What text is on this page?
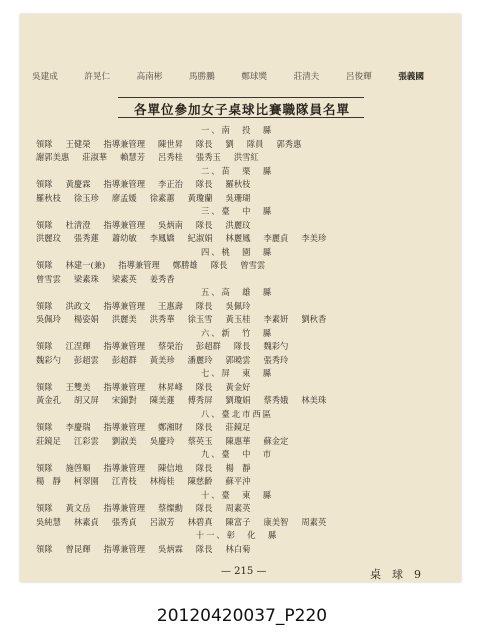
吳建成	許晃仁	高南彬	馬勝鵬	鄭球獎	莊清夫	呂俊輝	張義國
各單位參加女子桌球比賽職隊員名單
一、南　投　縣
領隊 王健榮 指導兼管理 陳世昇 隊長 劉 隊員 郭秀惠
謝郭美惠 莊淑華 賴慧芳 呂秀桂 張秀玉 洪雪紅
二、苗　栗　縣
領隊 黃慶霖 指導兼管理 李正治 隊長 羅秋枝
羅秋枝 徐玉珍 廖孟媛 徐素蕙 黃瓊蘭 吳珊瑚
三、臺　中　縣
領隊 杜清澄 指導兼管理 吳炳南 隊長 洪麗玟
洪麗玟 張秀蓮 蕭幼敏 李鳳嬌 紀淑娟 林麗鳳 李麗貞 李美珍
四、桃　園　縣
領隊 林建一(兼) 指導兼管理 鄭勝雄 隊長 曾雪雲
曾雪雲 梁素珠 梁素英 姜秀香
五、高　雄　縣
領隊 洪政文 指導兼管理 王惠壽 隊長 吳佩玲
吳佩玲 楊姿娟 洪麗美 洪秀華 徐玉雪 黃玉桂 李素妍 劉秋香
六、新　竹　縣
領隊 江涅輝 指導兼管理 蔡榮治 彭超群 隊長 魏彩勺
魏彩勺 彭超雲 彭超群 黃美珍 潘麗玲 郭曉雲 張秀玲
七、屏　東　縣
領隊 王雙美 指導兼管理 林昇峰 隊長 黃金好
黃金孔 胡又屏 宋錦對 陳美蓮 傅秀屏 劉瓊娟 蔡秀娥 林美珠
八、臺北市西區
領隊 李慶瑞 指導兼管理 鄭湘財 隊長 莊鏡足
莊鏡足 江彩雲 劉淑美 吳慶玲 蔡英玉 陳惠華 蘇金定
九、臺　中　市
領隊 施啓順 指導兼管理 陳信地 隊長 楊　靜
楊　靜 柯翠園 江青枝 林梅桂 陳慈齡 蘇平沖
十、臺　東　縣
領隊 黃文岳 指導兼管理 蔡燦勳 隊長 周素英
吳純慧 林素貞 張秀貞 呂淑芳 林碧真 陳富子 康美智 周素英
十一、彰　化　縣
領隊 曾昆輝 指導兼管理 吳炳霖 隊長 林白菊
— 215 —	桌　球　9
20120420037_P220
